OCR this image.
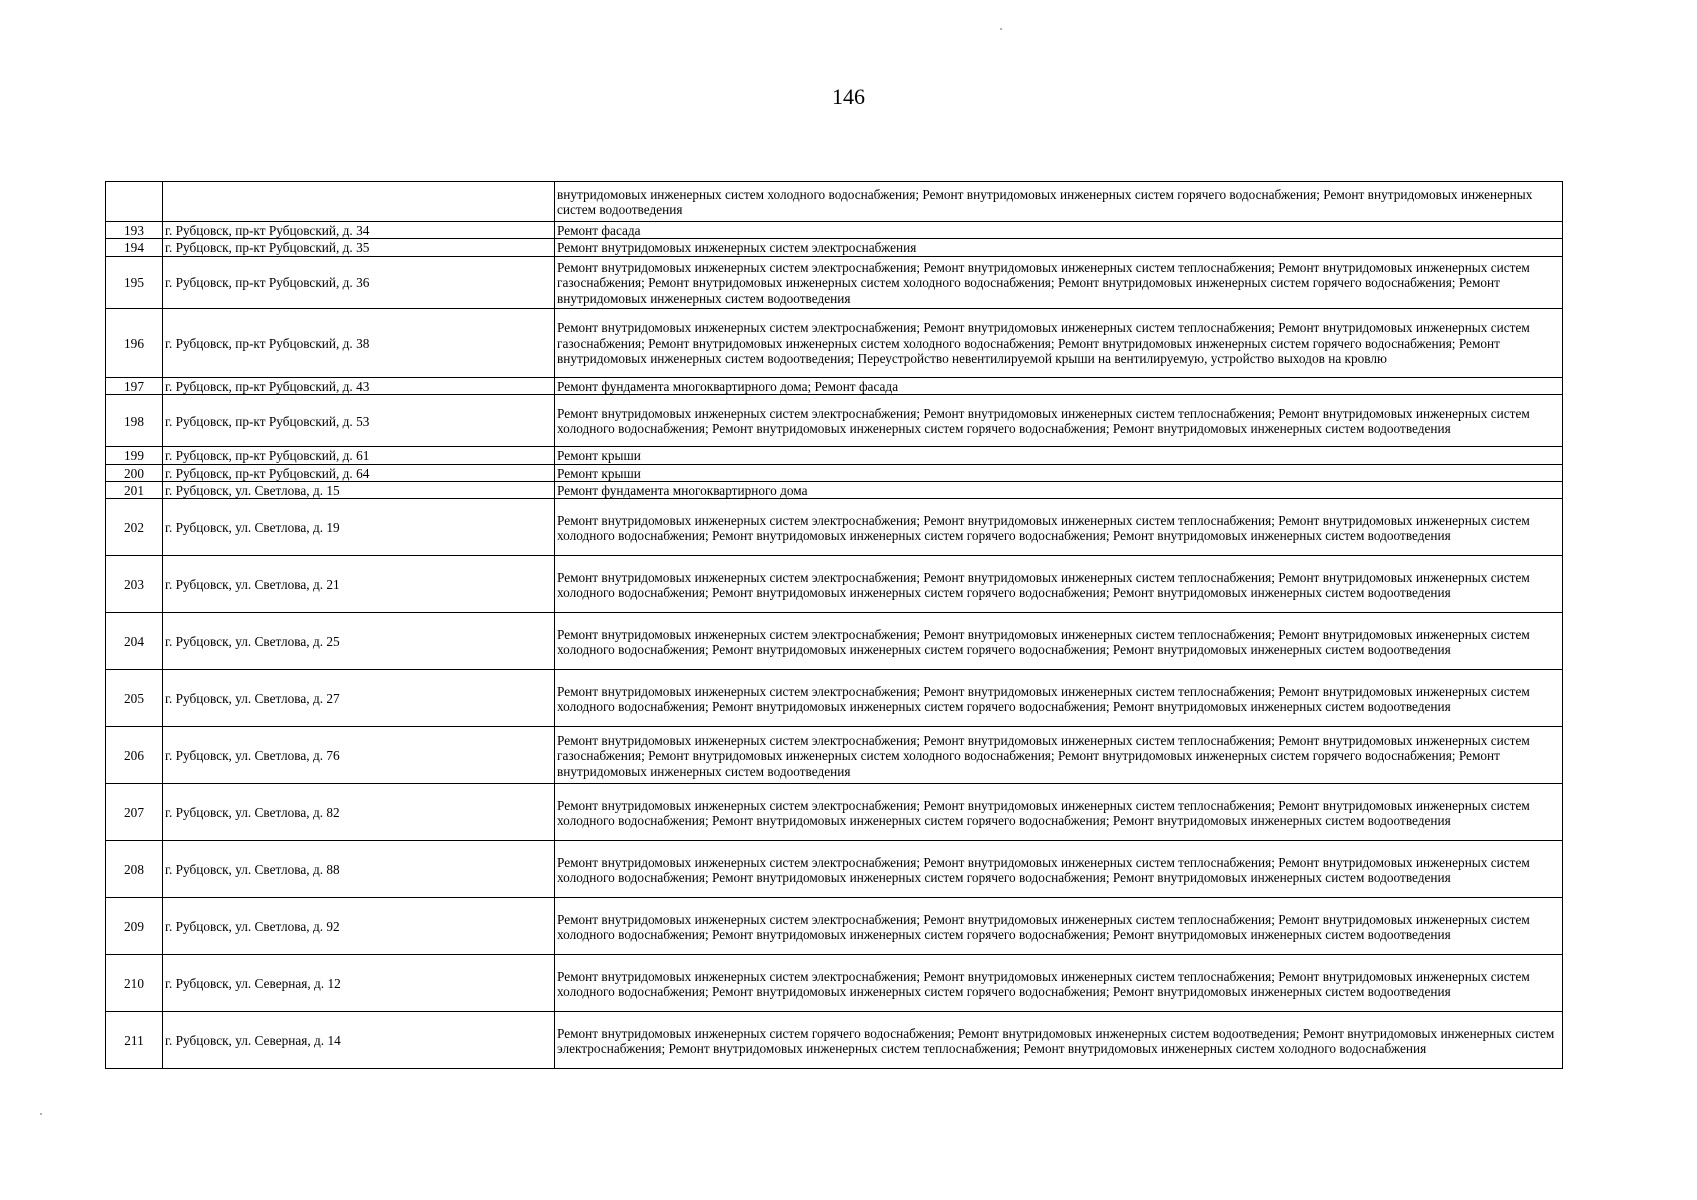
146
		внутридомовых инженерных систем холодного водоснабжения; Ремонт внутридомовых инженерных систем горячего водоснабжения; Ремонт внутридомовых инженерных систем водоотведения
193	г. Рубцовск, пр-кт Рубцовский, д. 34	Ремонт фасада
194	г. Рубцовск, пр-кт Рубцовский, д. 35	Ремонт внутридомовых инженерных систем электроснабжения
195	г. Рубцовск, пр-кт Рубцовский, д. 36	Ремонт внутридомовых инженерных систем электроснабжения; Ремонт внутридомовых инженерных систем теплоснабжения; Ремонт внутридомовых инженерных систем газоснабжения; Ремонт внутридомовых инженерных систем холодного водоснабжения; Ремонт внутридомовых инженерных систем горячего водоснабжения; Ремонт внутридомовых инженерных систем водоотведения
196	г. Рубцовск, пр-кт Рубцовский, д. 38	Ремонт внутридомовых инженерных систем электроснабжения; Ремонт внутридомовых инженерных систем теплоснабжения; Ремонт внутридомовых инженерных систем газоснабжения; Ремонт внутридомовых инженерных систем холодного водоснабжения; Ремонт внутридомовых инженерных систем горячего водоснабжения; Ремонт внутридомовых инженерных систем водоотведения; Переустройство невентилируемой крыши на вентилируемую, устройство выходов на кровлю
197	г. Рубцовск, пр-кт Рубцовский, д. 43	Ремонт фундамента многоквартирного дома; Ремонт фасада
198	г. Рубцовск, пр-кт Рубцовский, д. 53	Ремонт внутридомовых инженерных систем электроснабжения; Ремонт внутридомовых инженерных систем теплоснабжения; Ремонт внутридомовых инженерных систем холодного водоснабжения; Ремонт внутридомовых инженерных систем горячего водоснабжения; Ремонт внутридомовых инженерных систем водоотведения
199	г. Рубцовск, пр-кт Рубцовский, д. 61	Ремонт крыши
200	г. Рубцовск, пр-кт Рубцовский, д. 64	Ремонт крыши
201	г. Рубцовск, ул. Светлова, д. 15	Ремонт фундамента многоквартирного дома
202	г. Рубцовск, ул. Светлова, д. 19	Ремонт внутридомовых инженерных систем электроснабжения; Ремонт внутридомовых инженерных систем теплоснабжения; Ремонт внутридомовых инженерных систем холодного водоснабжения; Ремонт внутридомовых инженерных систем горячего водоснабжения; Ремонт внутридомовых инженерных систем водоотведения
203	г. Рубцовск, ул. Светлова, д. 21	Ремонт внутридомовых инженерных систем электроснабжения; Ремонт внутридомовых инженерных систем теплоснабжения; Ремонт внутридомовых инженерных систем холодного водоснабжения; Ремонт внутридомовых инженерных систем горячего водоснабжения; Ремонт внутридомовых инженерных систем водоотведения
204	г. Рубцовск, ул. Светлова, д. 25	Ремонт внутридомовых инженерных систем электроснабжения; Ремонт внутридомовых инженерных систем теплоснабжения; Ремонт внутридомовых инженерных систем холодного водоснабжения; Ремонт внутридомовых инженерных систем горячего водоснабжения; Ремонт внутридомовых инженерных систем водоотведения
205	г. Рубцовск, ул. Светлова, д. 27	Ремонт внутридомовых инженерных систем электроснабжения; Ремонт внутридомовых инженерных систем теплоснабжения; Ремонт внутридомовых инженерных систем холодного водоснабжения; Ремонт внутридомовых инженерных систем горячего водоснабжения; Ремонт внутридомовых инженерных систем водоотведения
206	г. Рубцовск, ул. Светлова, д. 76	Ремонт внутридомовых инженерных систем электроснабжения; Ремонт внутридомовых инженерных систем теплоснабжения; Ремонт внутридомовых инженерных систем газоснабжения; Ремонт внутридомовых инженерных систем холодного водоснабжения; Ремонт внутридомовых инженерных систем горячего водоснабжения; Ремонт внутридомовых инженерных систем водоотведения
207	г. Рубцовск, ул. Светлова, д. 82	Ремонт внутридомовых инженерных систем электроснабжения; Ремонт внутридомовых инженерных систем теплоснабжения; Ремонт внутридомовых инженерных систем холодного водоснабжения; Ремонт внутридомовых инженерных систем горячего водоснабжения; Ремонт внутридомовых инженерных систем водоотведения
208	г. Рубцовск, ул. Светлова, д. 88	Ремонт внутридомовых инженерных систем электроснабжения; Ремонт внутридомовых инженерных систем теплоснабжения; Ремонт внутридомовых инженерных систем холодного водоснабжения; Ремонт внутридомовых инженерных систем горячего водоснабжения; Ремонт внутридомовых инженерных систем водоотведения
209	г. Рубцовск, ул. Светлова, д. 92	Ремонт внутридомовых инженерных систем электроснабжения; Ремонт внутридомовых инженерных систем теплоснабжения; Ремонт внутридомовых инженерных систем холодного водоснабжения; Ремонт внутридомовых инженерных систем горячего водоснабжения; Ремонт внутридомовых инженерных систем водоотведения
210	г. Рубцовск, ул. Северная, д. 12	Ремонт внутридомовых инженерных систем электроснабжения; Ремонт внутридомовых инженерных систем теплоснабжения; Ремонт внутридомовых инженерных систем холодного водоснабжения; Ремонт внутридомовых инженерных систем горячего водоснабжения; Ремонт внутридомовых инженерных систем водоотведения
211	г. Рубцовск, ул. Северная, д. 14	Ремонт внутридомовых инженерных систем горячего водоснабжения; Ремонт внутридомовых инженерных систем водоотведения; Ремонт внутридомовых инженерных систем электроснабжения; Ремонт внутридомовых инженерных систем теплоснабжения; Ремонт внутридомовых инженерных систем холодного водоснабжения
